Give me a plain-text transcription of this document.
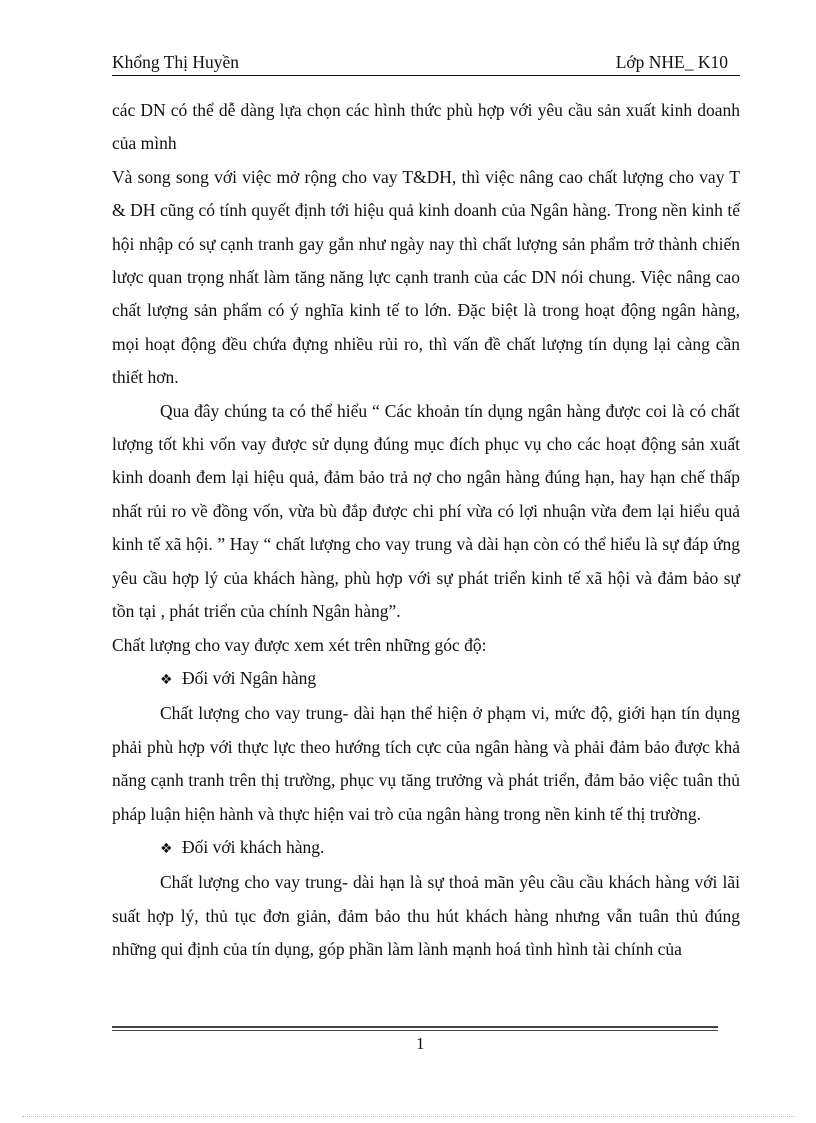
Khổng Thị Huyền	Lớp NHE_ K10

các DN có thể dễ dàng lựa chọn các hình thức phù hợp với yêu cầu sản xuất kinh doanh của mình

Và song song với việc mở rộng cho vay T&DH, thì việc nâng cao chất lượng cho vay T & DH cũng có tính quyết định tới hiệu quả kinh doanh của Ngân hàng. Trong nền kinh tế hội nhập có sự cạnh tranh gay gắn như ngày nay thì chất lượng sản phẩm trở thành chiến lược quan trọng nhất làm tăng năng lực cạnh tranh của các DN nói chung. Việc nâng cao chất lượng sản phẩm có ý nghĩa kinh tế to lớn. Đặc biệt là trong hoạt động ngân hàng, mọi hoạt động đều chứa đựng nhiều rủi ro, thì vấn đề chất lượng tín dụng lại càng cần thiết hơn.

Qua đây chúng ta có thể hiểu “ Các khoản tín dụng ngân hàng được coi là có chất lượng tốt khi vốn vay được sử dụng đúng mục đích phục vụ cho các hoạt động sản xuất kinh doanh đem lại hiệu quả, đảm bảo trả nợ cho ngân hàng đúng hạn, hay hạn chế thấp nhất rủi ro về đồng vốn, vừa bù đắp được chi phí vừa có lợi nhuận vừa đem lại hiểu quả kinh tế xã hội. ” Hay “ chất lượng cho vay trung và dài hạn còn có thể hiểu là sự đáp ứng yêu cầu hợp lý của khách hàng, phù hợp với sự phát triển kinh tế xã hội và đảm bảo sự tồn tại , phát triển của chính Ngân hàng”.

Chất lượng cho vay được xem xét trên những góc độ:

❖ Đối với Ngân hàng

Chất lượng cho vay trung- dài hạn thể hiện ở phạm vi, mức độ, giới hạn tín dụng phải phù hợp với thực lực theo hướng tích cực của ngân hàng và phải đảm bảo được khả năng cạnh tranh trên thị trường, phục vụ tăng trưởng và phát triển, đảm bảo việc tuân thủ pháp luận hiện hành và thực hiện vai trò của ngân hàng trong nền kinh tế thị trường.

❖ Đối với khách hàng.

Chất lượng cho vay trung- dài hạn là sự thoả mãn yêu cầu cầu khách hàng với lãi suất hợp lý, thủ tục đơn giản, đảm bảo thu hút khách hàng nhưng vẫn tuân thủ đúng những qui định của tín dụng, góp phần làm lành mạnh hoá tình hình tài chính của

1
